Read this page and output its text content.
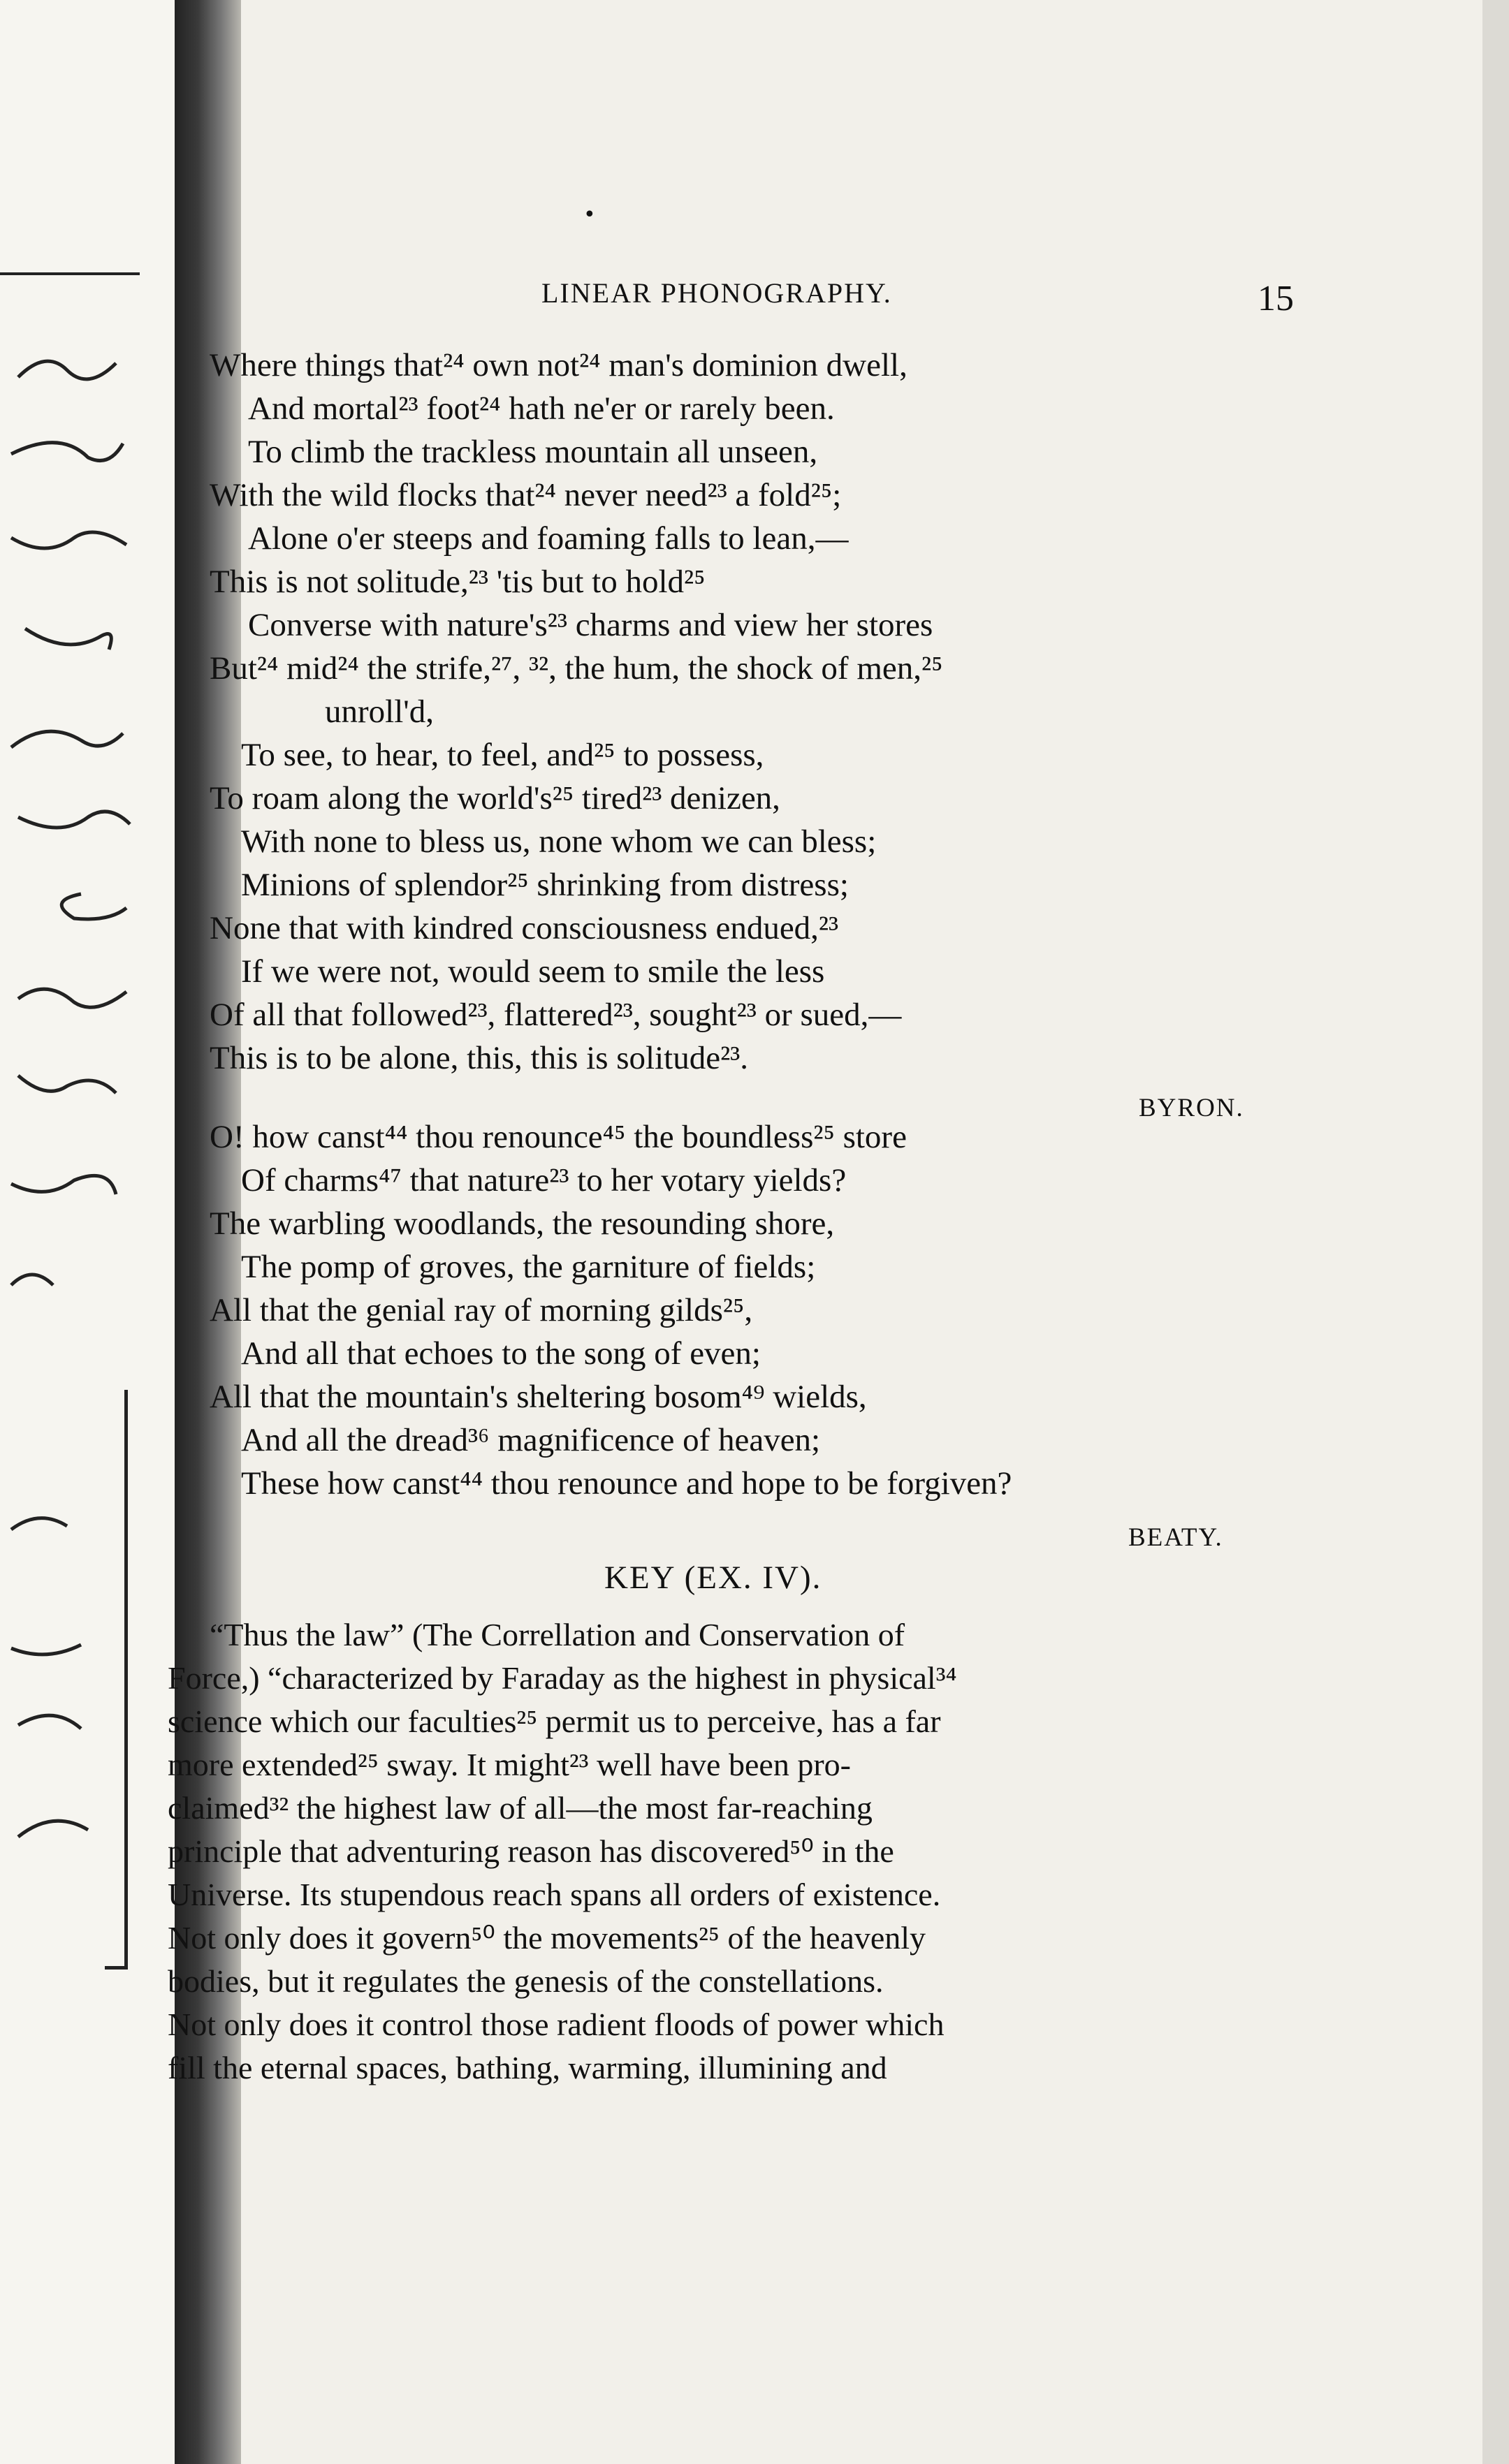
•
LINEAR PHONOGRAPHY.	15
Where things that²⁴ own not²⁴ man's dominion dwell,
And mortal²³ foot²⁴ hath ne'er or rarely been.
To climb the trackless mountain all unseen,
With the wild flocks that²⁴ never need²³ a fold²⁵;
Alone o'er steeps and foaming falls to lean,—
This is not solitude,²³ 'tis but to hold²⁵
Converse with nature's²³ charms and view her stores
But²⁴ mid²⁴ the strife,²⁷, ³², the hum, the shock of men,²⁵
unroll'd,
To see, to hear, to feel, and²⁵ to possess,
To roam along the world's²⁵ tired²³ denizen,
With none to bless us, none whom we can bless;
Minions of splendor²⁵ shrinking from distress;
None that with kindred consciousness endued,²³
If we were not, would seem to smile the less
Of all that followed²³, flattered²³, sought²³ or sued,—
This is to be alone, this, this is solitude²³.
BYRON.
O! how canst⁴⁴ thou renounce⁴⁵ the boundless²⁵ store
Of charms⁴⁷ that nature²³ to her votary yields?
The warbling woodlands, the resounding shore,
The pomp of groves, the garniture of fields;
All that the genial ray of morning gilds²⁵,
And all that echoes to the song of even;
All that the mountain's sheltering bosom⁴⁹ wields,
And all the dread³⁶ magnificence of heaven;
These how canst⁴⁴ thou renounce and hope to be forgiven?
BEATY.
KEY (EX. IV).
“Thus the law” (The Correllation and Conservation of
Force,) “characterized by Faraday as the highest in physical³⁴
science which our faculties²⁵ permit us to perceive, has a far
more extended²⁵ sway. It might²³ well have been pro-
claimed³² the highest law of all—the most far-reaching
principle that adventuring reason has discovered⁵⁰ in the
Universe. Its stupendous reach spans all orders of existence.
Not only does it govern⁵⁰ the movements²⁵ of the heavenly
bodies, but it regulates the genesis of the constellations.
Not only does it control those radient floods of power which
fill the eternal spaces, bathing, warming, illumining and
